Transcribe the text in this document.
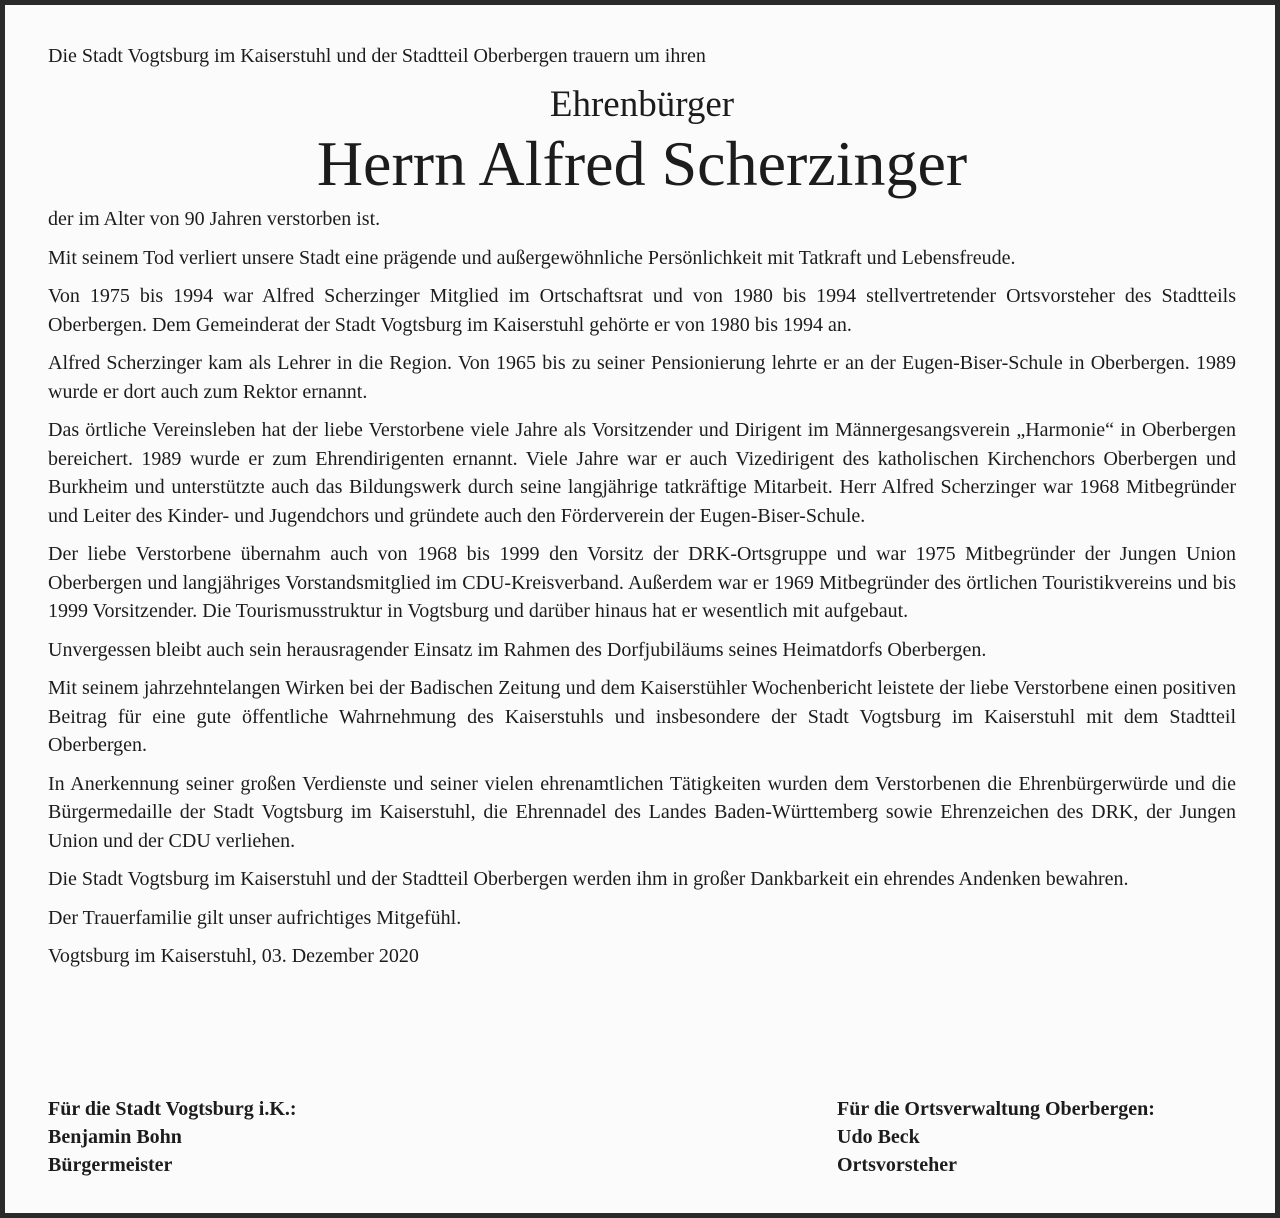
Die Stadt Vogtsburg im Kaiserstuhl und der Stadtteil Oberbergen trauern um ihren

Ehrenbürger
Herrn Alfred Scherzinger

der im Alter von 90 Jahren verstorben ist.

Mit seinem Tod verliert unsere Stadt eine prägende und außergewöhnliche Persönlichkeit mit Tatkraft und Lebensfreude.

Von 1975 bis 1994 war Alfred Scherzinger Mitglied im Ortschaftsrat und von 1980 bis 1994 stellvertretender Ortsvorsteher des Stadtteils Oberbergen. Dem Gemeinderat der Stadt Vogtsburg im Kaiserstuhl gehörte er von 1980 bis 1994 an.

Alfred Scherzinger kam als Lehrer in die Region. Von 1965 bis zu seiner Pensionierung lehrte er an der Eugen-Biser-Schule in Oberbergen. 1989 wurde er dort auch zum Rektor ernannt.

Das örtliche Vereinsleben hat der liebe Verstorbene viele Jahre als Vorsitzender und Dirigent im Männergesangsverein „Harmonie“ in Oberbergen bereichert. 1989 wurde er zum Ehrendirigenten ernannt. Viele Jahre war er auch Vizedirigent des katholischen Kirchenchors Oberbergen und Burkheim und unterstützte auch das Bildungswerk durch seine langjährige tatkräftige Mitarbeit. Herr Alfred Scherzinger war 1968 Mitbegründer und Leiter des Kinder- und Jugendchors und gründete auch den Förderverein der Eugen-Biser-Schule.

Der liebe Verstorbene übernahm auch von 1968 bis 1999 den Vorsitz der DRK-Ortsgruppe und war 1975 Mitbegründer der Jungen Union Oberbergen und langjähriges Vorstandsmitglied im CDU-Kreisverband. Außerdem war er 1969 Mitbegründer des örtlichen Touristikvereins und bis 1999 Vorsitzender. Die Tourismusstruktur in Vogtsburg und darüber hinaus hat er wesentlich mit aufgebaut.

Unvergessen bleibt auch sein herausragender Einsatz im Rahmen des Dorfjubiläums seines Heimatdorfs Oberbergen.

Mit seinem jahrzehntelangen Wirken bei der Badischen Zeitung und dem Kaiserstühler Wochenbericht leistete der liebe Verstorbene einen positiven Beitrag für eine gute öffentliche Wahrnehmung des Kaiserstuhls und insbesondere der Stadt Vogtsburg im Kaiserstuhl mit dem Stadtteil Oberbergen.

In Anerkennung seiner großen Verdienste und seiner vielen ehrenamtlichen Tätigkeiten wurden dem Verstorbenen die Ehrenbürgerwürde und die Bürgermedaille der Stadt Vogtsburg im Kaiserstuhl, die Ehrennadel des Landes Baden-Württemberg sowie Ehrenzeichen des DRK, der Jungen Union und der CDU verliehen.

Die Stadt Vogtsburg im Kaiserstuhl und der Stadtteil Oberbergen werden ihm in großer Dankbarkeit ein ehrendes Andenken bewahren.

Der Trauerfamilie gilt unser aufrichtiges Mitgefühl.

Vogtsburg im Kaiserstuhl, 03. Dezember 2020

Für die Stadt Vogtsburg i.K.:
Benjamin Bohn
Bürgermeister
Für die Ortsverwaltung Oberbergen:
Udo Beck
Ortsvorsteher
